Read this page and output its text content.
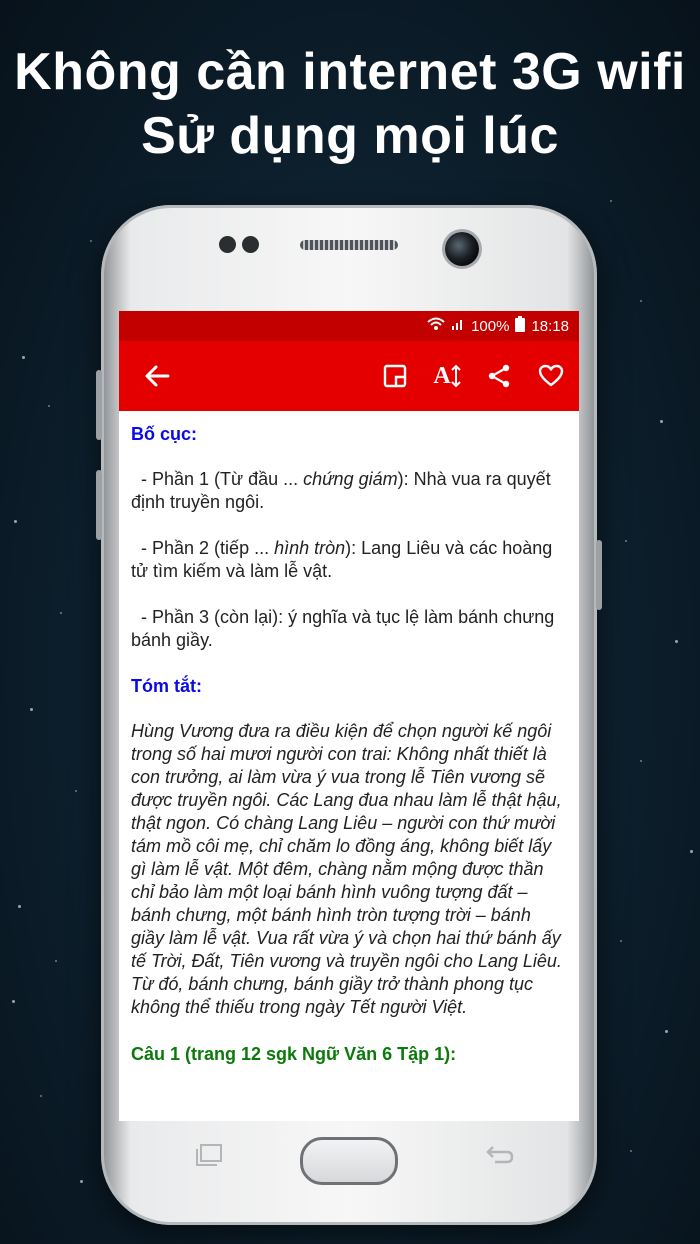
Không cần internet 3G wifi
Sử dụng mọi lúc
100% 18:18
A

Bố cục:

- Phần 1 (Từ đầu ... chứng giám): Nhà vua ra quyết định truyền ngôi.

- Phần 2 (tiếp ... hình tròn): Lang Liêu và các hoàng tử tìm kiếm và làm lễ vật.

- Phần 3 (còn lại): ý nghĩa và tục lệ làm bánh chưng bánh giầy.

Tóm tắt:

Hùng Vương đưa ra điều kiện để chọn người kế ngôi trong số hai mươi người con trai: Không nhất thiết là con trưởng, ai làm vừa ý vua trong lễ Tiên vương sẽ được truyền ngôi. Các Lang đua nhau làm lễ thật hậu, thật ngon. Có chàng Lang Liêu – người con thứ mười tám mồ côi mẹ, chỉ chăm lo đồng áng, không biết lấy gì làm lễ vật. Một đêm, chàng nằm mộng được thần chỉ bảo làm một loại bánh hình vuông tượng đất – bánh chưng, một bánh hình tròn tượng trời – bánh giầy làm lễ vật. Vua rất vừa ý và chọn hai thứ bánh ấy tế Trời, Đất, Tiên vương và truyền ngôi cho Lang Liêu. Từ đó, bánh chưng, bánh giầy trở thành phong tục không thể thiếu trong ngày Tết người Việt.

Câu 1 (trang 12 sgk Ngữ Văn 6 Tập 1):
